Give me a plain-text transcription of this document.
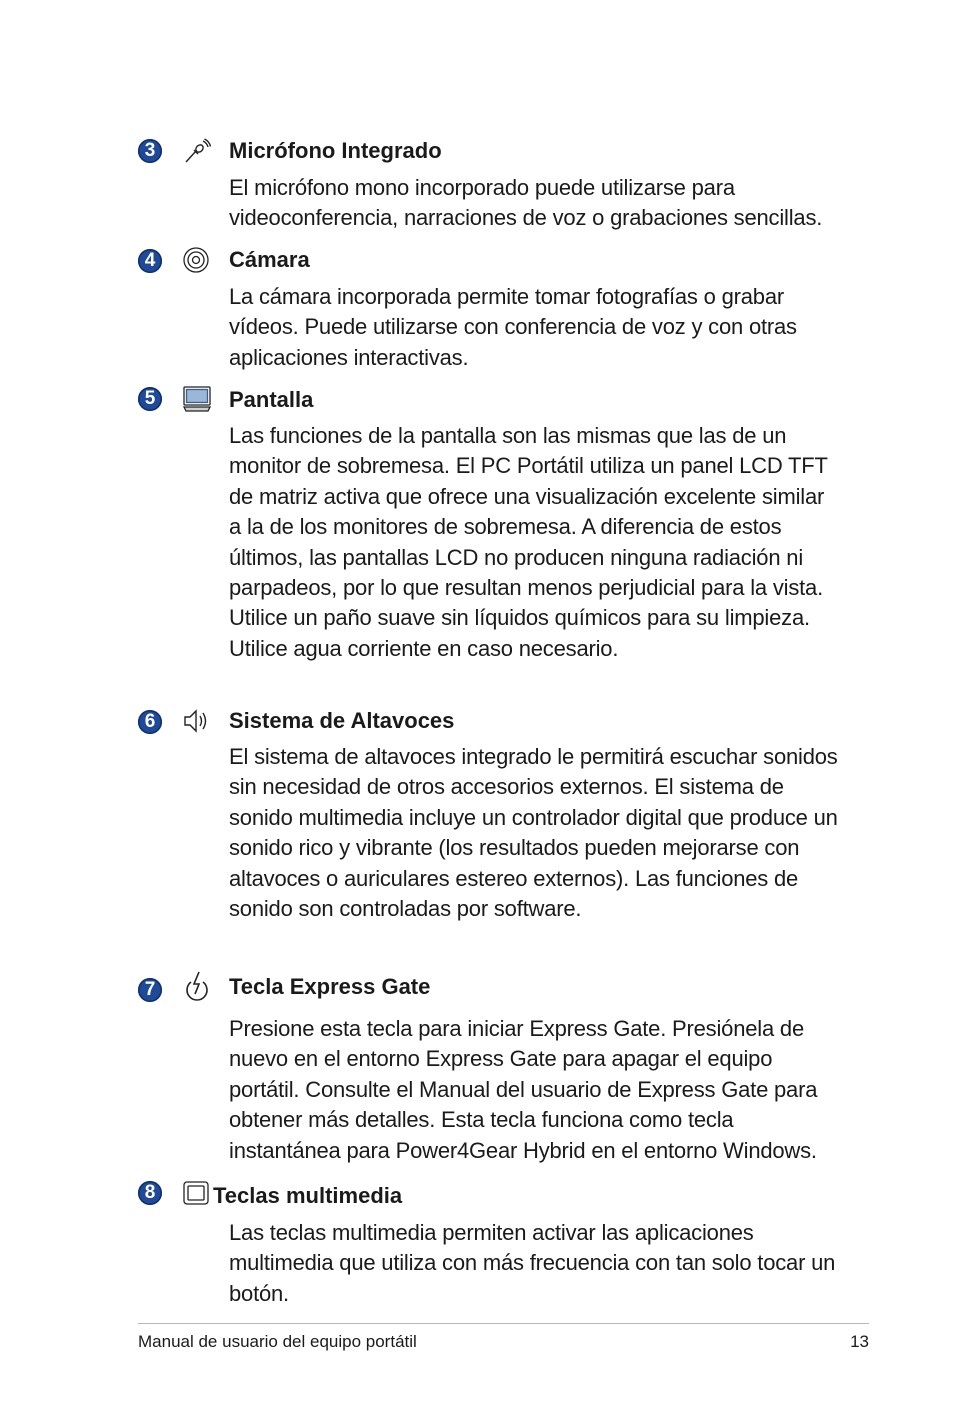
3	Micrófono Integrado

El micrófono mono incorporado puede utilizarse para videoconferencia, narraciones de voz o grabaciones sencillas.

4	Cámara

La cámara incorporada permite tomar fotografías o grabar vídeos. Puede utilizarse con conferencia de voz y con otras aplicaciones interactivas.

5	Pantalla

Las funciones de la pantalla son las mismas que las de un monitor de sobremesa. El PC Portátil utiliza un panel LCD TFT de matriz activa que ofrece una visualización excelente similar a la de los monitores de sobremesa. A diferencia de estos últimos, las pantallas LCD no producen ninguna radiación ni parpadeos, por lo que resultan menos perjudicial para la vista. Utilice un paño suave sin líquidos químicos para su limpieza. Utilice agua corriente en caso necesario.

6	Sistema de Altavoces

El sistema de altavoces integrado le permitirá escuchar sonidos sin necesidad de otros accesorios externos. El sistema de sonido multimedia incluye un controlador digital que produce un sonido rico y vibrante (los resultados pueden mejorarse con altavoces o auriculares estereo externos). Las funciones de sonido son controladas por software.

7	Tecla Express Gate

Presione esta tecla para iniciar Express Gate. Presiónela de nuevo en el entorno Express Gate para apagar el equipo portátil. Consulte el Manual del usuario de Express Gate para obtener más detalles. Esta tecla funciona como tecla instantánea para Power4Gear Hybrid en el entorno Windows.

8	Teclas multimedia

Las teclas multimedia permiten activar las aplicaciones multimedia que utiliza con más frecuencia con tan solo tocar un botón.

Manual de usuario del equipo portátil	13
